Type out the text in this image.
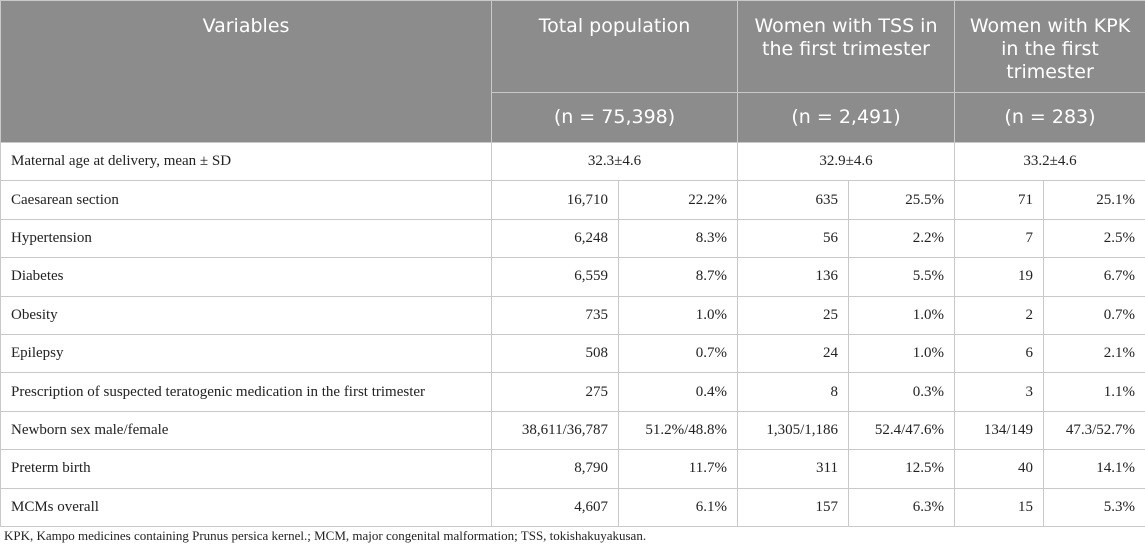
Variables	Total population		Women with TSS in the first trimester		Women with KPK in the first trimester	
	(n = 75,398)		(n = 2,491)		(n = 283)	
Maternal age at delivery, mean ± SD	32.3±4.6		32.9±4.6		33.2±4.6	
Caesarean section	16,710	22.2%	635	25.5%	71	25.1%
Hypertension	6,248	8.3%	56	2.2%	7	2.5%
Diabetes	6,559	8.7%	136	5.5%	19	6.7%
Obesity	735	1.0%	25	1.0%	2	0.7%
Epilepsy	508	0.7%	24	1.0%	6	2.1%
Prescription of suspected teratogenic medication in the first trimester	275	0.4%	8	0.3%	3	1.1%
Newborn sex male/female	38,611/36,787	51.2%/48.8%	1,305/1,186	52.4/47.6%	134/149	47.3/52.7%
Preterm birth	8,790	11.7%	311	12.5%	40	14.1%
MCMs overall	4,607	6.1%	157	6.3%	15	5.3%
KPK, Kampo medicines containing Prunus persica kernel.; MCM, major congenital malformation; TSS, tokishakuyakusan.
